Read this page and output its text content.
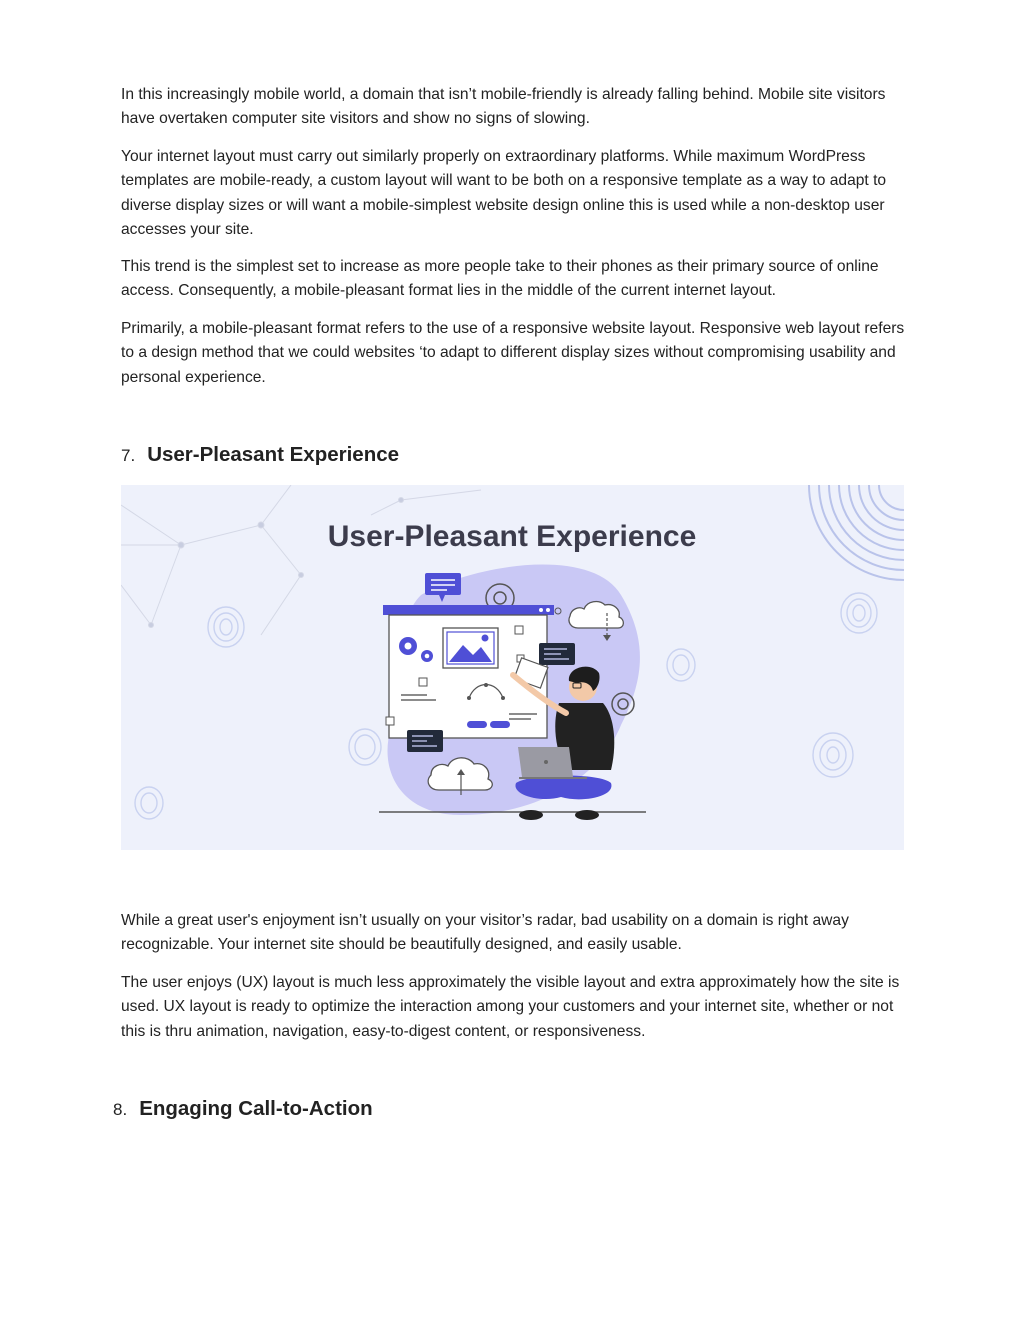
In this increasingly mobile world, a domain that isn’t mobile-friendly is already falling behind. Mobile site visitors have overtaken computer site visitors and show no signs of slowing.

Your internet layout must carry out similarly properly on extraordinary platforms. While maximum WordPress templates are mobile-ready, a custom layout will want to be both on a responsive template as a way to adapt to diverse display sizes or will want a mobile-simplest website design online this is used while a non-desktop user accesses your site.

This trend is the simplest set to increase as more people take to their phones as their primary source of online access. Consequently, a mobile-pleasant format lies in the middle of the current internet layout.

Primarily, a mobile-pleasant format refers to the use of a responsive website layout. Responsive web layout refers to a design method that we could websites ‘to adapt to different display sizes without compromising usability and personal experience.

7. User-Pleasant Experience
User-Pleasant Experience

While a great user's enjoyment isn’t usually on your visitor’s radar, bad usability on a domain is right away recognizable. Your internet site should be beautifully designed, and easily usable.

The user enjoys (UX) layout is much less approximately the visible layout and extra approximately how the site is used. UX layout is ready to optimize the interaction among your customers and your internet site, whether or not this is thru animation, navigation, easy-to-digest content, or responsiveness.

8. Engaging Call-to-Action
